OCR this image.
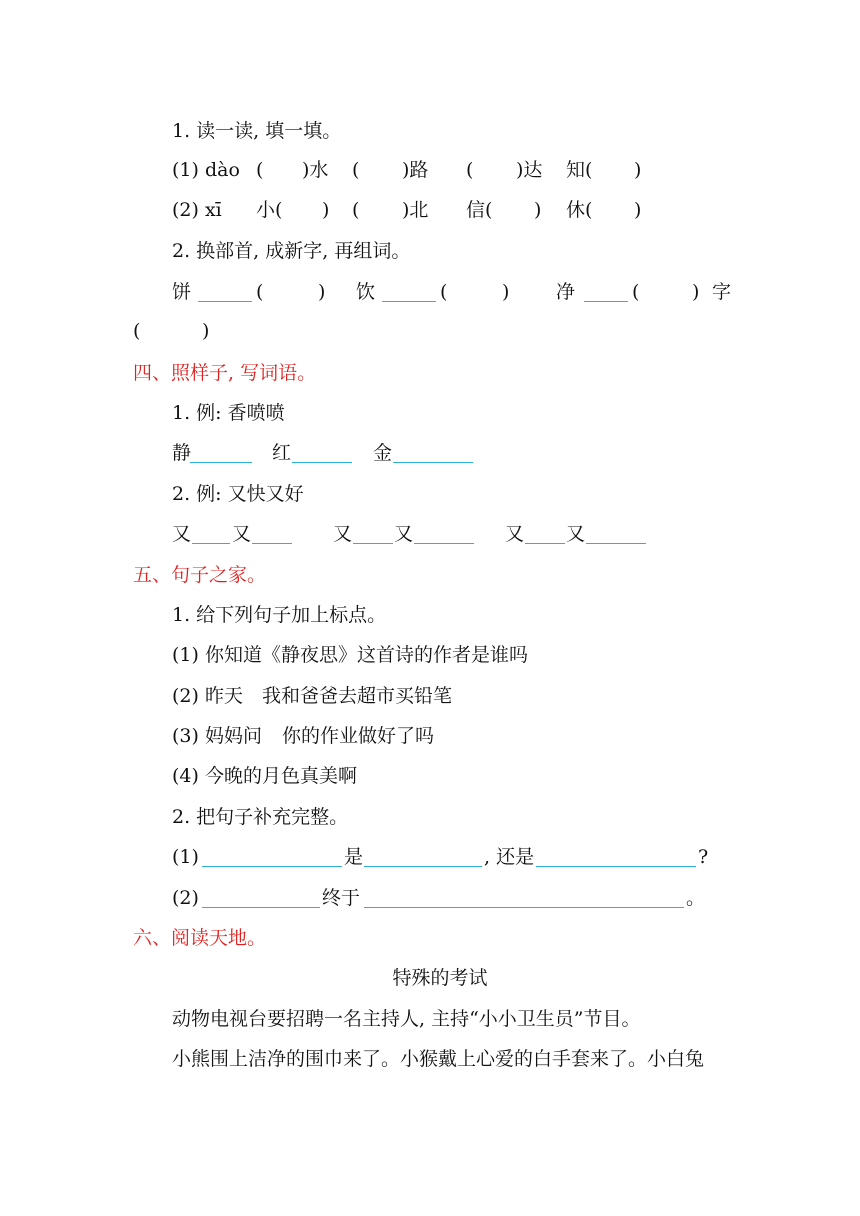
1. 读一读, 填一填。
(1) dào ( )水 ( )路 ( )达 知( )
(2) xī 小( ) ( )北 信( ) 休( )
2. 换部首, 成新字, 再组词。
饼	(	) 饮	(	) 净	(	) 字
(	)
四、照样子, 写词语。
1. 例: 香喷喷
静	红	金
2. 例: 又快又好
又 又	又 又	又 又
五、句子之家。
1. 给下列句子加上标点。
(1) 你知道《静夜思》这首诗的作者是谁吗
(2) 昨天 我和爸爸去超市买铅笔
(3) 妈妈问 你的作业做好了吗
(4) 今晚的月色真美啊
2. 把句子补充完整。
(1)	是	, 还是	?
(2)	终于	。
六、阅读天地。
特殊的考试
动物电视台要招聘一名主持人, 主持“小小卫生员”节目。
小熊围上洁净的围巾来了。小猴戴上心爱的白手套来了。小白兔
